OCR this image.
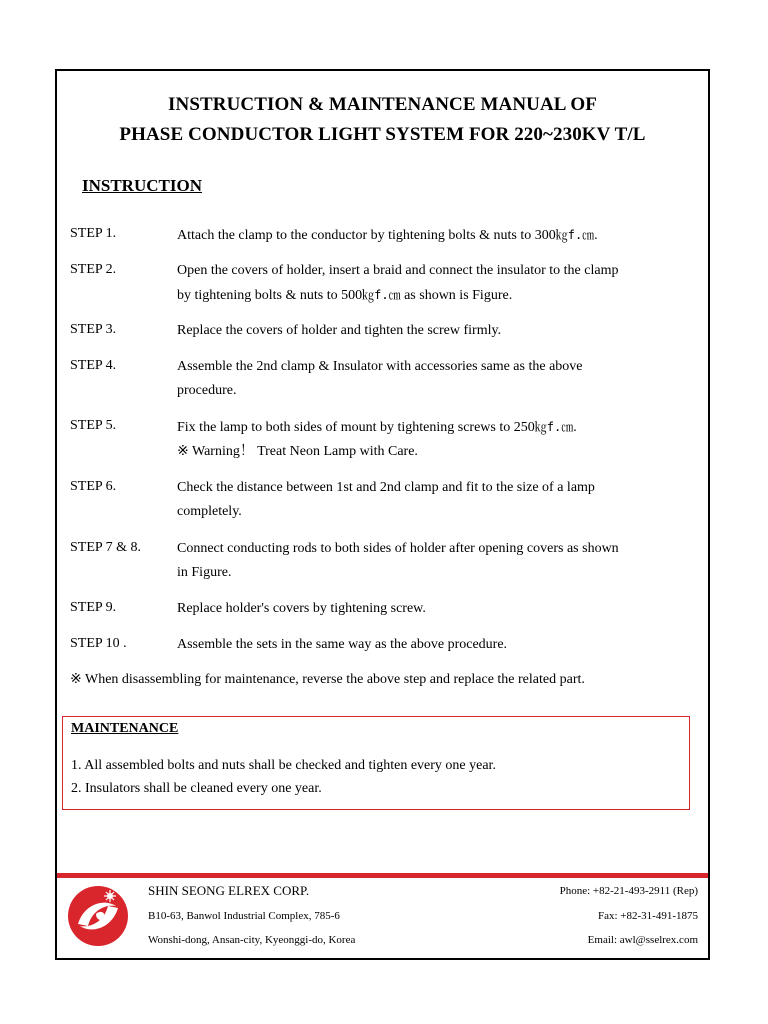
INSTRUCTION & MAINTENANCE MANUAL OF
PHASE CONDUCTOR LIGHT SYSTEM FOR 220~230KV T/L
INSTRUCTION
STEP 1.	Attach the clamp to the conductor by tightening bolts & nuts to 300㎏f.㎝.
STEP 2.	Open the covers of holder, insert a braid and connect the insulator to the clamp
by tightening bolts & nuts to 500㎏f.㎝ as shown is Figure.
STEP 3.	Replace the covers of holder and tighten the screw firmly.
STEP 4.	Assemble the 2nd clamp & Insulator with accessories same as the above
procedure.
STEP 5.	Fix the lamp to both sides of mount by tightening screws to 250㎏f.㎝.
※ Warning！ Treat Neon Lamp with Care.
STEP 6.	Check the distance between 1st and 2nd clamp and fit to the size of a lamp
completely.
STEP 7 & 8.	Connect conducting rods to both sides of holder after opening covers as shown
in Figure.
STEP 9.	Replace holder's covers by tightening screw.
STEP 10 .	Assemble the sets in the same way as the above procedure.
※ When disassembling for maintenance, reverse the above step and replace the related part.
MAINTENANCE
1. All assembled bolts and nuts shall be checked and tighten every one year.
2. Insulators shall be cleaned every one year.
SHIN SEONG ELREX CORP.
B10-63, Banwol Industrial Complex, 785-6
Wonshi-dong, Ansan-city, Kyeonggi-do, Korea
Phone: +82-21-493-2911 (Rep)
Fax: +82-31-491-1875
Email: awl@sselrex.com
